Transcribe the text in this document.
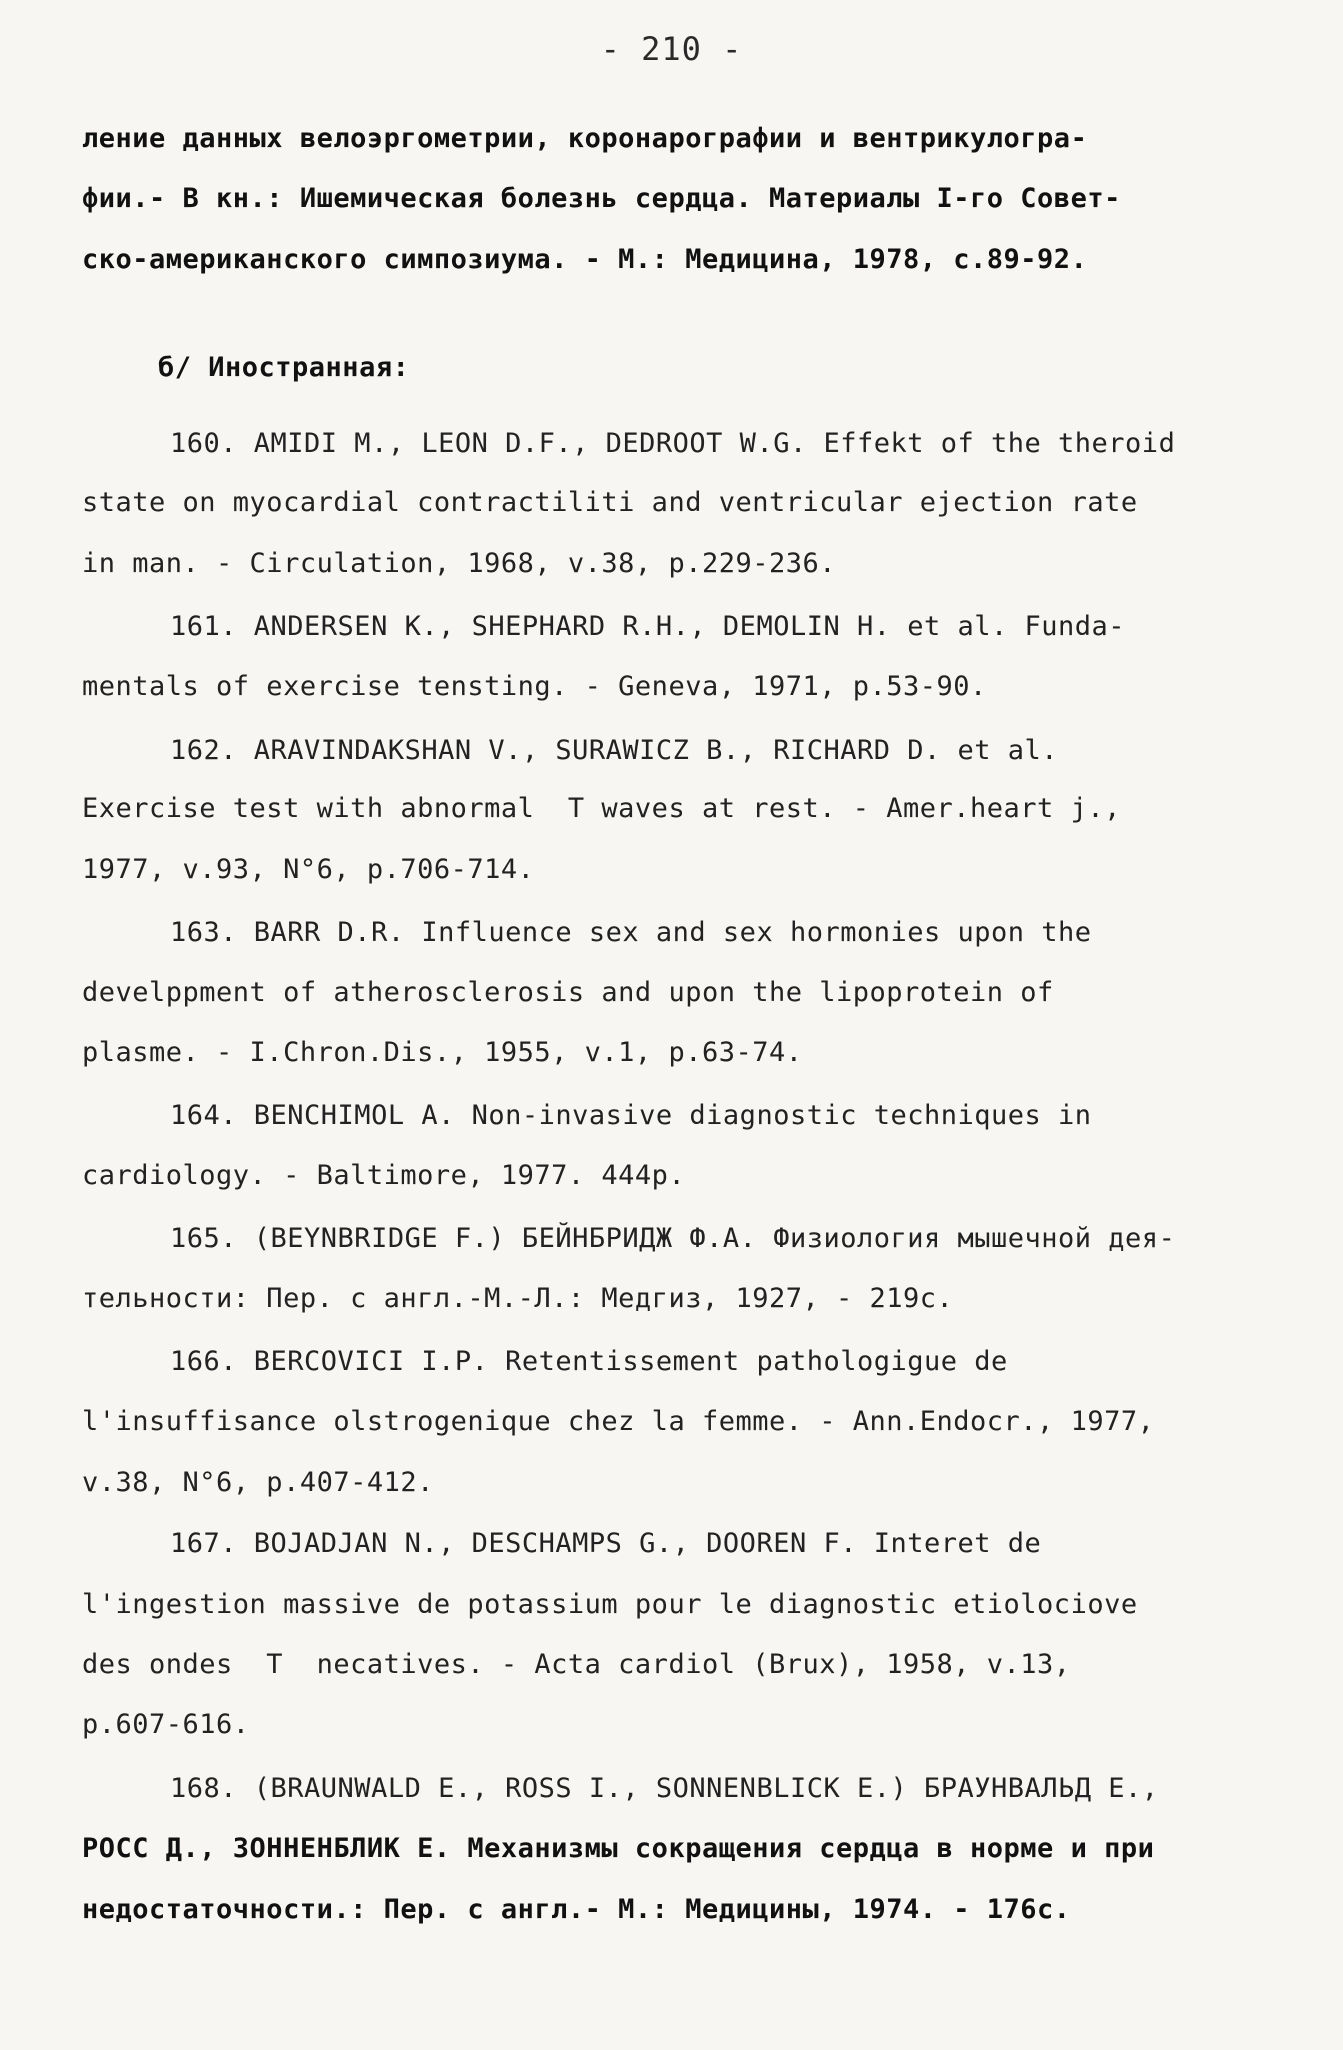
- 210 -
ление данных велоэргометрии, коронарографии и вентрикулогра-
фии.- В кн.: Ишемическая болезнь сердца. Материалы I-го Совет-
ско-американского симпозиума. - М.: Медицина, 1978, с.89-92.
б/ Иностранная:
160. AMIDI M., LEON D.F., DEDROOT W.G. Effekt of the theroid
state on myocardial contractiliti and ventricular ejection rate
in man. - Circulation, 1968, v.38, p.229-236.
161. ANDERSEN K., SHEPHARD R.H., DEMOLIN H. et al. Funda-
mentals of exercise tensting. - Geneva, 1971, p.53-90.
162. ARAVINDAKSHAN V., SURAWICZ B., RICHARD D. et al.
Exercise test with abnormal  T waves at rest. - Amer.heart j.,
1977, v.93, N°6, p.706-714.
163. BARR D.R. Influence sex and sex hormonies upon the
develppment of atherosclerosis and upon the lipoprotein of
plasme. - I.Chron.Dis., 1955, v.1, p.63-74.
164. BENCHIMOL A. Non-invasive diagnostic techniques in
cardiology. - Baltimore, 1977. 444p.
165. (BEYNBRIDGE F.) БЕЙНБРИДЖ Ф.А. Физиология мышечной дея-
тельности: Пер. с англ.-М.-Л.: Медгиз, 1927, - 219с.
166. BERCOVICI I.P. Retentissement pathologigue de
l'insuffisance olstrogenique chez la femme. - Ann.Endocr., 1977,
v.38, N°6, p.407-412.
167. BOJADJAN N., DESCHAMPS G., DOOREN F. Interet de
l'ingestion massive de potassium pour le diagnostic etiolociove
des ondes  T  necatives. - Acta cardiol (Brux), 1958, v.13,
p.607-616.
168. (BRAUNWALD E., ROSS I., SONNENBLICK E.) БРАУНВАЛЬД Е.,
РОСС Д., ЗОННЕНБЛИК Е. Механизмы сокращения сердца в норме и при
недостаточности.: Пер. с англ.- М.: Медицины, 1974. - 176с.
